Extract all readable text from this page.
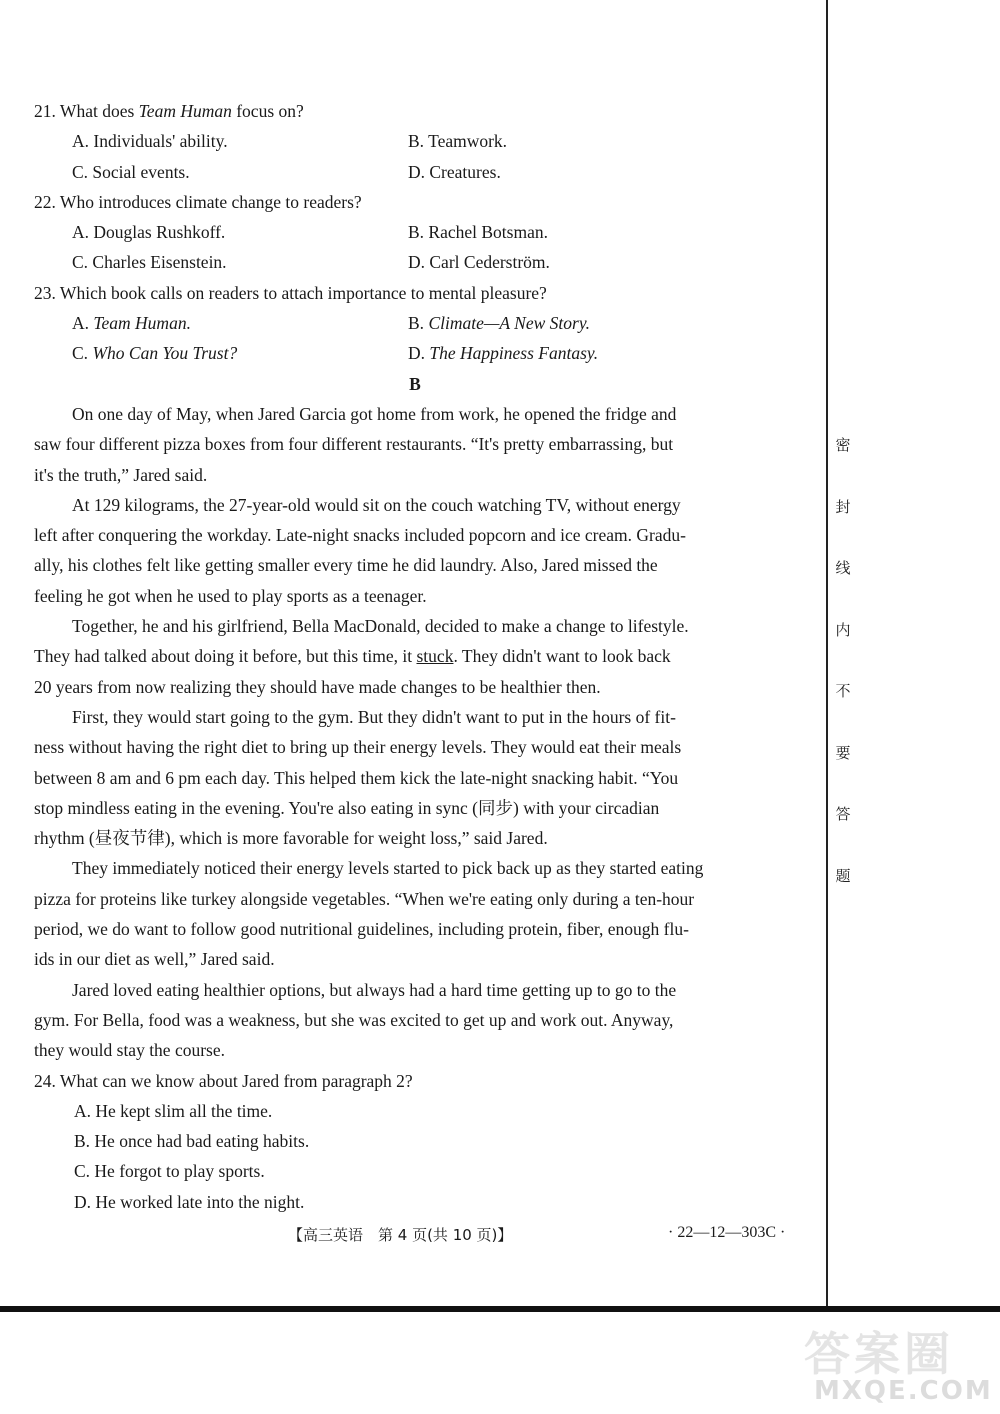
21. What does Team Human focus on?
A. Individuals' ability.	B. Teamwork.
C. Social events.	D. Creatures.
22. Who introduces climate change to readers?
A. Douglas Rushkoff.	B. Rachel Botsman.
C. Charles Eisenstein.	D. Carl Cederström.
23. Which book calls on readers to attach importance to mental pleasure?
A. Team Human.	B. Climate—A New Story.
C. Who Can You Trust?	D. The Happiness Fantasy.
B
On one day of May, when Jared Garcia got home from work, he opened the fridge and
saw four different pizza boxes from four different restaurants. “It's pretty embarrassing, but
it's the truth,” Jared said.
At 129 kilograms, the 27-year-old would sit on the couch watching TV, without energy
left after conquering the workday. Late-night snacks included popcorn and ice cream. Gradu-
ally, his clothes felt like getting smaller every time he did laundry. Also, Jared missed the
feeling he got when he used to play sports as a teenager.
Together, he and his girlfriend, Bella MacDonald, decided to make a change to lifestyle.
They had talked about doing it before, but this time, it stuck. They didn't want to look back
20 years from now realizing they should have made changes to be healthier then.
First, they would start going to the gym. But they didn't want to put in the hours of fit-
ness without having the right diet to bring up their energy levels. They would eat their meals
between 8 am and 6 pm each day. This helped them kick the late-night snacking habit. “You
stop mindless eating in the evening. You're also eating in sync (同步) with your circadian
rhythm (昼夜节律), which is more favorable for weight loss,” said Jared.
They immediately noticed their energy levels started to pick back up as they started eating
pizza for proteins like turkey alongside vegetables. “When we're eating only during a ten-hour
period, we do want to follow good nutritional guidelines, including protein, fiber, enough flu-
ids in our diet as well,” Jared said.
Jared loved eating healthier options, but always had a hard time getting up to go to the
gym. For Bella, food was a weakness, but she was excited to get up and work out. Anyway,
they would stay the course.
24. What can we know about Jared from paragraph 2?
A. He kept slim all the time.
B. He once had bad eating habits.
C. He forgot to play sports.
D. He worked late into the night.
【高三英语　第 4 页(共 10 页)】	· 22—12—303C ·
密
封
线
内
不
要
答
题
答案圈
MXQE.COM
